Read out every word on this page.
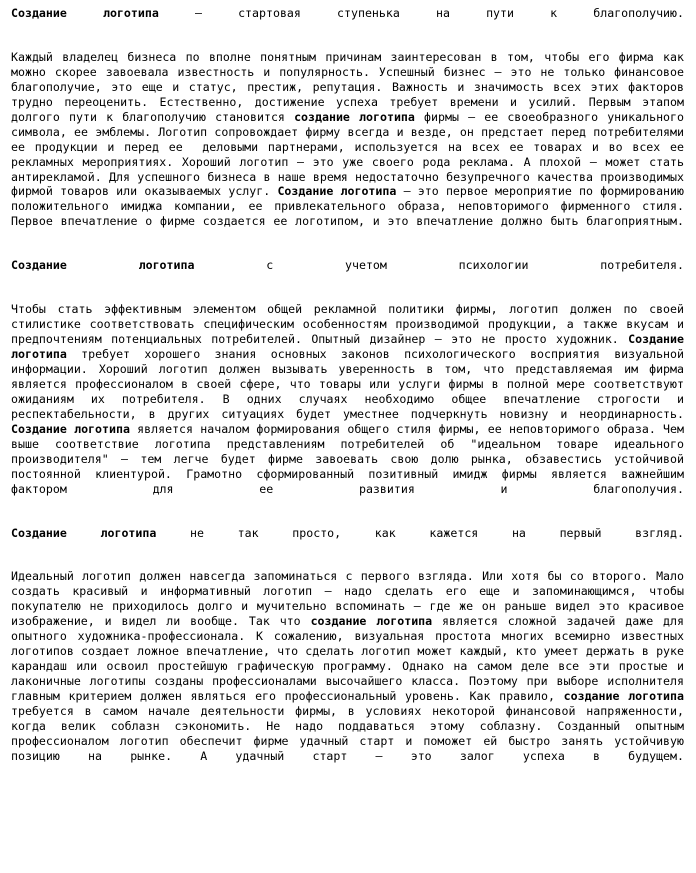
Создание логотипа – стартовая ступенька на пути к благополучию.

Каждый владелец бизнеса по вполне понятным причинам заинтересован в том, чтобы его фирма как можно скорее завоевала известность и популярность. Успешный бизнес – это не только финансовое благополучие, это еще и статус, престиж, репутация. Важность и значимость всех этих факторов трудно переоценить. Естественно, достижение успеха требует времени и усилий. Первым этапом долгого пути к благополучию становится создание логотипа фирмы – ее своеобразного уникального символа, ее эмблемы. Логотип сопровождает фирму всегда и везде, он предстает перед потребителями ее продукции и перед ее  деловыми партнерами, используется на всех ее товарах и во всех ее рекламных мероприятиях. Хороший логотип – это уже своего рода реклама. А плохой – может стать антирекламой. Для успешного бизнеса в наше время недостаточно безупречного качества производимых фирмой товаров или оказываемых услуг. Создание логотипа – это первое мероприятие по формированию положительного имиджа компании, ее привлекательного образа, неповторимого фирменного стиля. Первое впечатление о фирме создается ее логотипом, и это впечатление должно быть благоприятным.

Создание логотипа с учетом психологии потребителя.

Чтобы стать эффективным элементом общей рекламной политики фирмы, логотип должен по своей стилистике соответствовать специфическим особенностям производимой продукции, а также вкусам и предпочтениям потенциальных потребителей. Опытный дизайнер – это не просто художник. Создание логотипа требует хорошего знания основных законов психологического восприятия визуальной информации. Хороший логотип должен вызывать уверенность в том, что представляемая им фирма является профессионалом в своей сфере, что товары или услуги фирмы в полной мере соответствуют ожиданиям их потребителя. В одних случаях необходимо общее впечатление строгости и респектабельности, в других ситуациях будет уместнее подчеркнуть новизну и неординарность. Создание логотипа является началом формирования общего стиля фирмы, ее неповторимого образа. Чем выше соответствие логотипа представлениям потребителей об "идеальном товаре идеального производителя" – тем легче будет фирме завоевать свою долю рынка, обзавестись устойчивой постоянной клиентурой. Грамотно сформированный позитивный имидж фирмы является важнейшим фактором для ее развития и благополучия.

Создание логотипа не так просто, как кажется на первый взгляд.

Идеальный логотип должен навсегда запоминаться с первого взгляда. Или хотя бы со второго. Мало создать красивый и информативный логотип – надо сделать его еще и запоминающимся, чтобы покупателю не приходилось долго и мучительно вспоминать – где же он раньше видел это красивое изображение, и видел ли вообще. Так что создание логотипа является сложной задачей даже для опытного художника-профессионала. К сожалению, визуальная простота многих всемирно известных логотипов создает ложное впечатление, что сделать логотип может каждый, кто умеет держать в руке карандаш или освоил простейшую графическую программу. Однако на самом деле все эти простые и лаконичные логотипы созданы профессионалами высочайшего класса. Поэтому при выборе исполнителя главным критерием должен являться его профессиональный уровень. Как правило, создание логотипа требуется в самом начале деятельности фирмы, в условиях некоторой финансовой напряженности, когда велик соблазн сэкономить. Не надо поддаваться этому соблазну. Созданный опытным профессионалом логотип обеспечит фирме удачный старт и поможет ей быстро занять устойчивую позицию на рынке. А удачный старт – это залог успеха в будущем.
